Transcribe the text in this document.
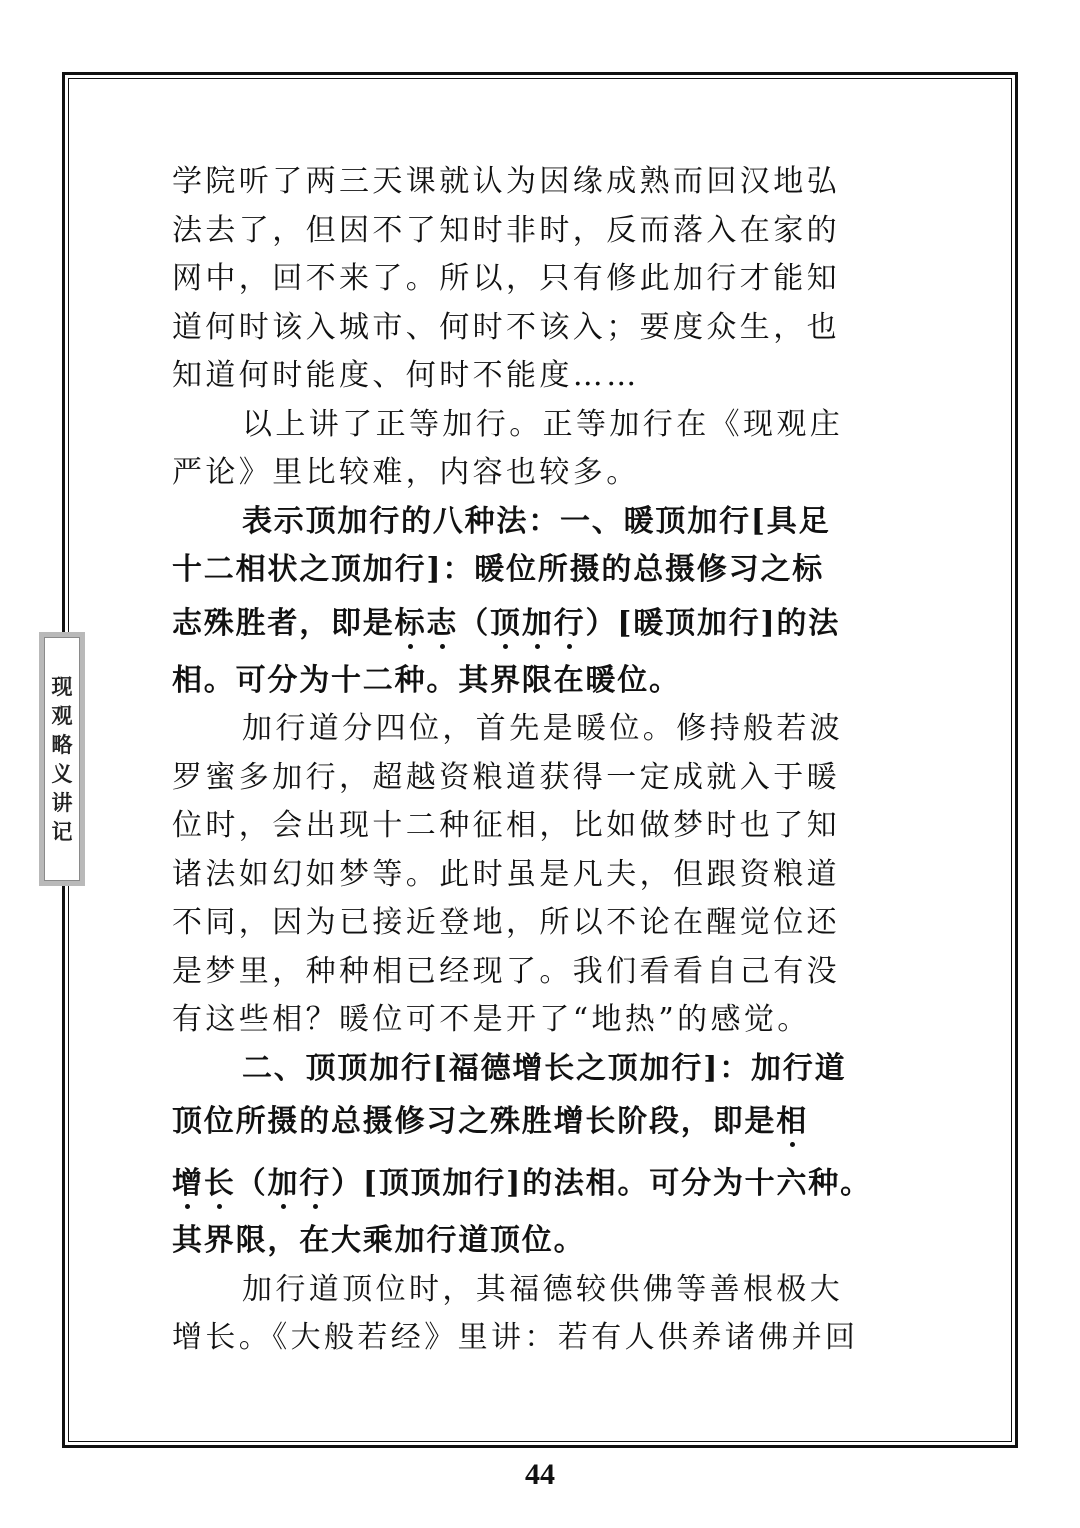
现观略义讲记
学院听了两三天课就认为因缘成熟而回汉地弘
法去了，但因不了知时非时，反而落入在家的
网中，回不来了。所以，只有修此加行才能知
道何时该入城市、何时不该入；要度众生，也
知道何时能度、何时不能度……
以上讲了正等加行。正等加行在《现观庄
严论》里比较难，内容也较多。
表示顶加行的八种法：一、暖顶加行[具足
十二相状之顶加行]：暖位所摄的总摄修习之标
志殊胜者，即是标志（顶加行）[暖顶加行]的法
相。可分为十二种。其界限在暖位。
加行道分四位，首先是暖位。修持般若波
罗蜜多加行，超越资粮道获得一定成就入于暖
位时，会出现十二种征相，比如做梦时也了知
诸法如幻如梦等。此时虽是凡夫，但跟资粮道
不同，因为已接近登地，所以不论在醒觉位还
是梦里，种种相已经现了。我们看看自己有没
有这些相？暖位可不是开了“地热”的感觉。
二、顶顶加行[福德增长之顶加行]：加行道
顶位所摄的总摄修习之殊胜增长阶段，即是相
增长（加行）[顶顶加行]的法相。可分为十六种。
其界限，在大乘加行道顶位。
加行道顶位时，其福德较供佛等善根极大
增长。《大般若经》里讲：若有人供养诸佛并回
44
